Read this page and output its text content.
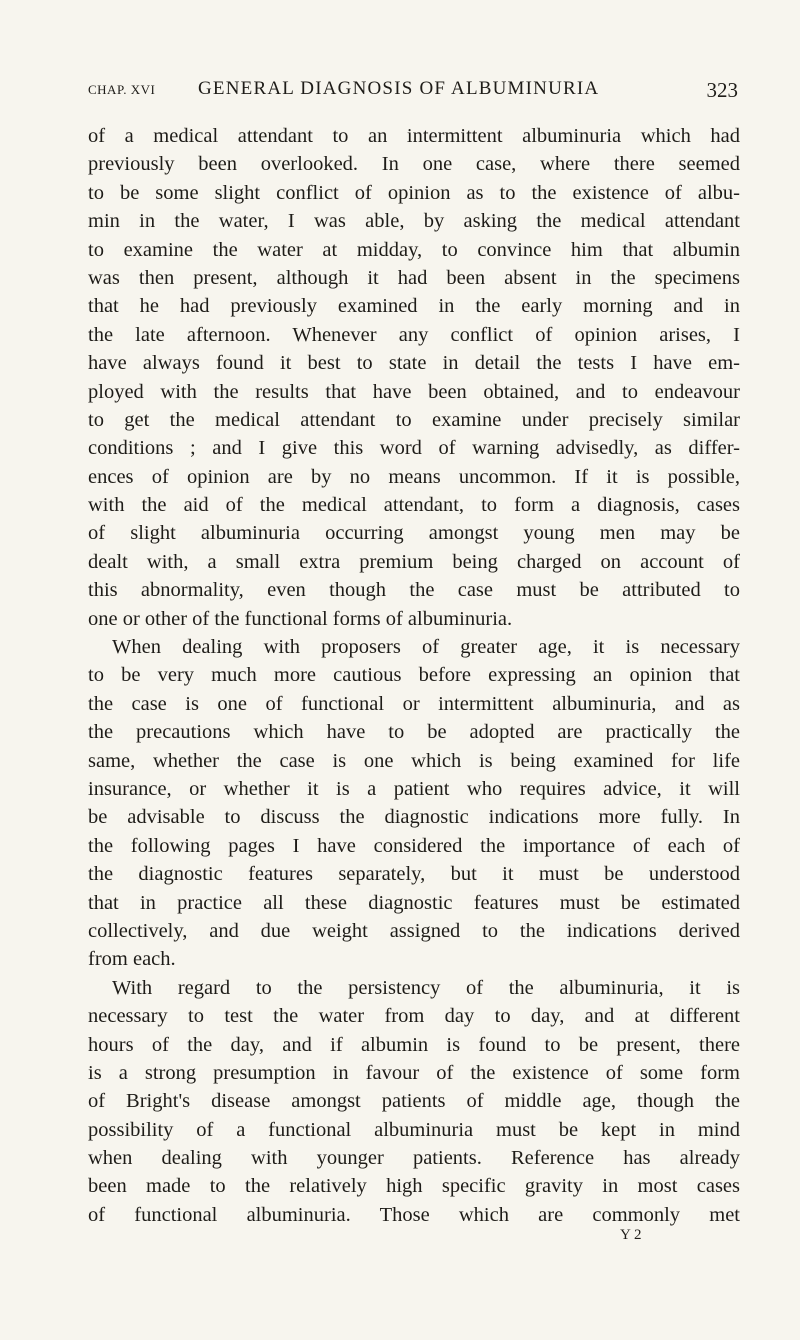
CHAP. XVI GENERAL DIAGNOSIS OF ALBUMINURIA	323
of a medical attendant to an intermittent albuminuria which had
previously been overlooked. In one case, where there seemed
to be some slight conflict of opinion as to the existence of albu-
min in the water, I was able, by asking the medical attendant
to examine the water at midday, to convince him that albumin
was then present, although it had been absent in the specimens
that he had previously examined in the early morning and in
the late afternoon. Whenever any conflict of opinion arises, I
have always found it best to state in detail the tests I have em-
ployed with the results that have been obtained, and to endeavour
to get the medical attendant to examine under precisely similar
conditions ; and I give this word of warning advisedly, as differ-
ences of opinion are by no means uncommon. If it is possible,
with the aid of the medical attendant, to form a diagnosis, cases
of slight albuminuria occurring amongst young men may be
dealt with, a small extra premium being charged on account of
this abnormality, even though the case must be attributed to
one or other of the functional forms of albuminuria.
When dealing with proposers of greater age, it is necessary
to be very much more cautious before expressing an opinion that
the case is one of functional or intermittent albuminuria, and as
the precautions which have to be adopted are practically the
same, whether the case is one which is being examined for life
insurance, or whether it is a patient who requires advice, it will
be advisable to discuss the diagnostic indications more fully. In
the following pages I have considered the importance of each of
the diagnostic features separately, but it must be understood
that in practice all these diagnostic features must be estimated
collectively, and due weight assigned to the indications derived
from each.
With regard to the persistency of the albuminuria, it is
necessary to test the water from day to day, and at different
hours of the day, and if albumin is found to be present, there
is a strong presumption in favour of the existence of some form
of Bright's disease amongst patients of middle age, though the
possibility of a functional albuminuria must be kept in mind
when dealing with younger patients. Reference has already
been made to the relatively high specific gravity in most cases
of functional albuminuria. Those which are commonly met
Y 2
